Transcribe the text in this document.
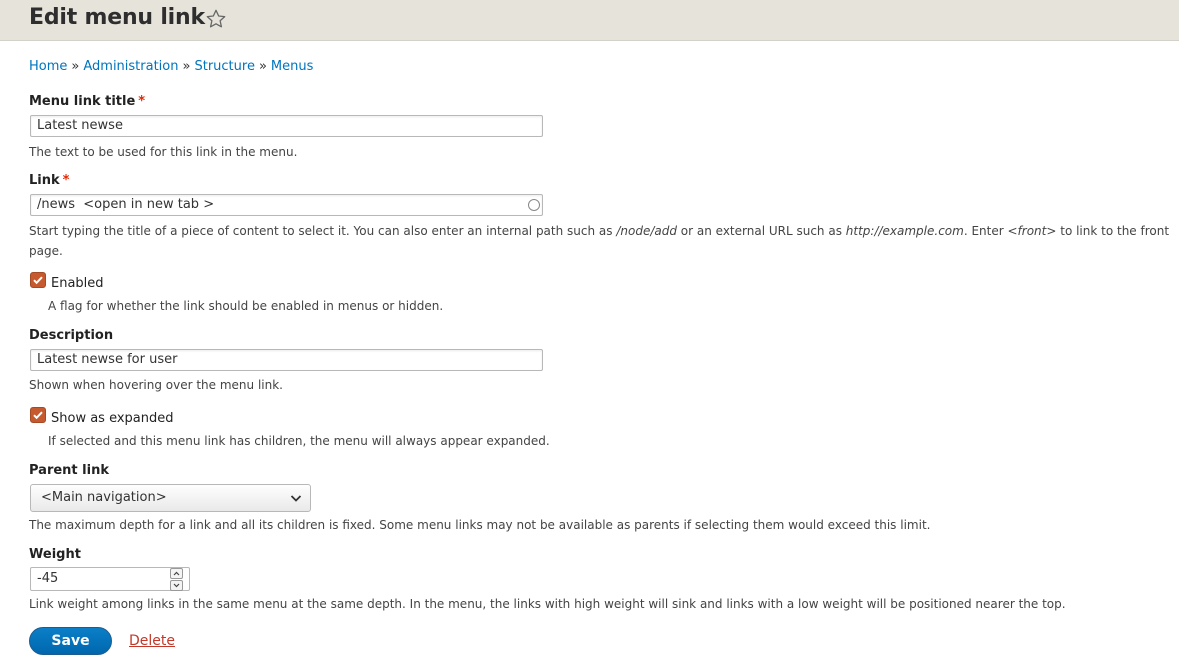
Edit menu link
Home » Administration » Structure » Menus
Menu link title *
Latest newse
The text to be used for this link in the menu.
Link *
/news  <open in new tab >
Start typing the title of a piece of content to select it. You can also enter an internal path such as /node/add or an external URL such as http://example.com. Enter <front> to link to the front
page.
Enabled
A flag for whether the link should be enabled in menus or hidden.
Description
Latest newse for user
Shown when hovering over the menu link.
Show as expanded
If selected and this menu link has children, the menu will always appear expanded.
Parent link
<Main navigation>
The maximum depth for a link and all its children is fixed. Some menu links may not be available as parents if selecting them would exceed this limit.
Weight
-45
Link weight among links in the same menu at the same depth. In the menu, the links with high weight will sink and links with a low weight will be positioned nearer the top.
Save	Delete
